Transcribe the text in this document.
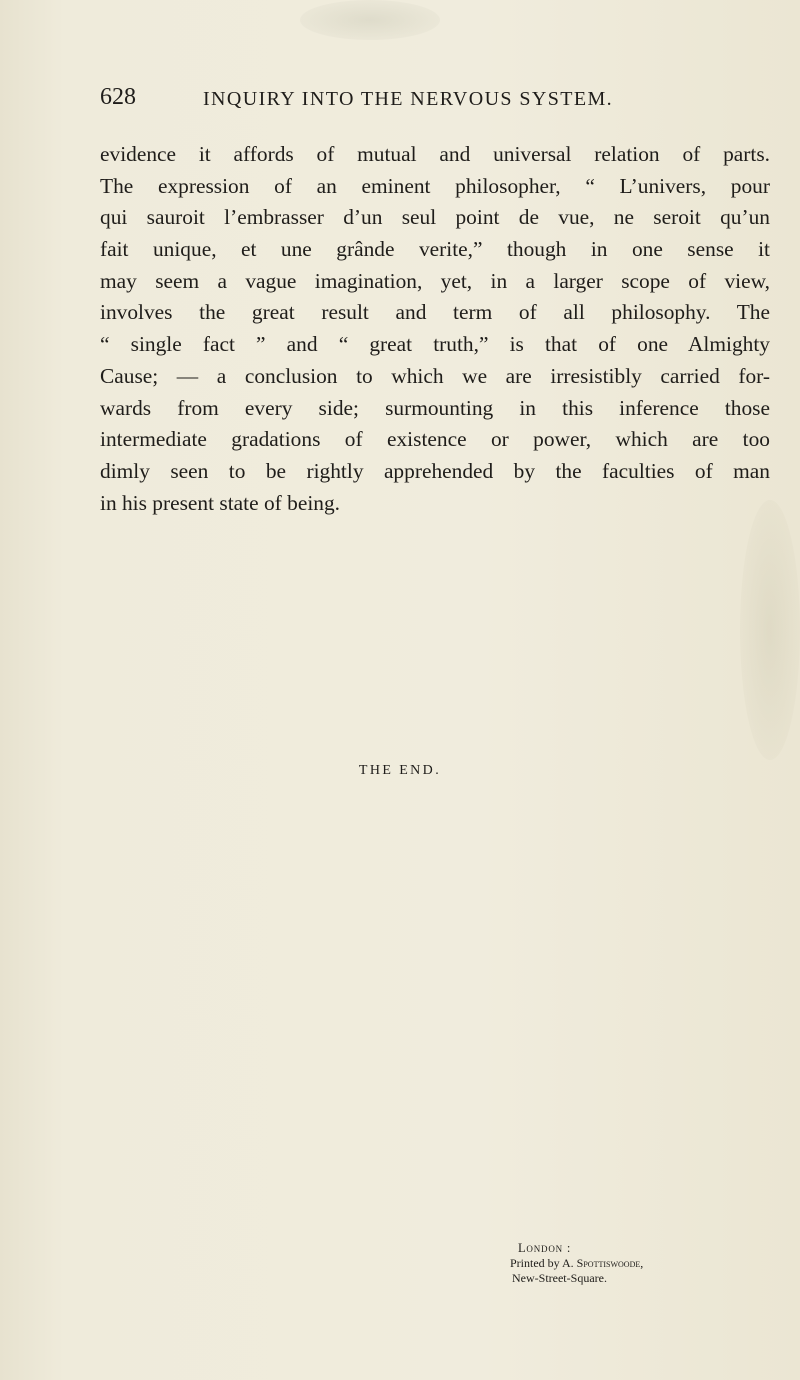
628	INQUIRY INTO THE NERVOUS SYSTEM.
evidence it affords of mutual and universal relation of parts.
The expression of an eminent philosopher, “ L’univers, pour
qui sauroit l’embrasser d’un seul point de vue, ne seroit qu’un
fait unique, et une grânde verite,” though in one sense it
may seem a vague imagination, yet, in a larger scope of view,
involves the great result and term of all philosophy. The
“ single fact ” and “ great truth,” is that of one Almighty
Cause; — a conclusion to which we are irresistibly carried for-
wards from every side; surmounting in this inference those
intermediate gradations of existence or power, which are too
dimly seen to be rightly apprehended by the faculties of man
in his present state of being.
THE END.
London :
Printed by A. Spottiswoode,
New-Street-Square.
